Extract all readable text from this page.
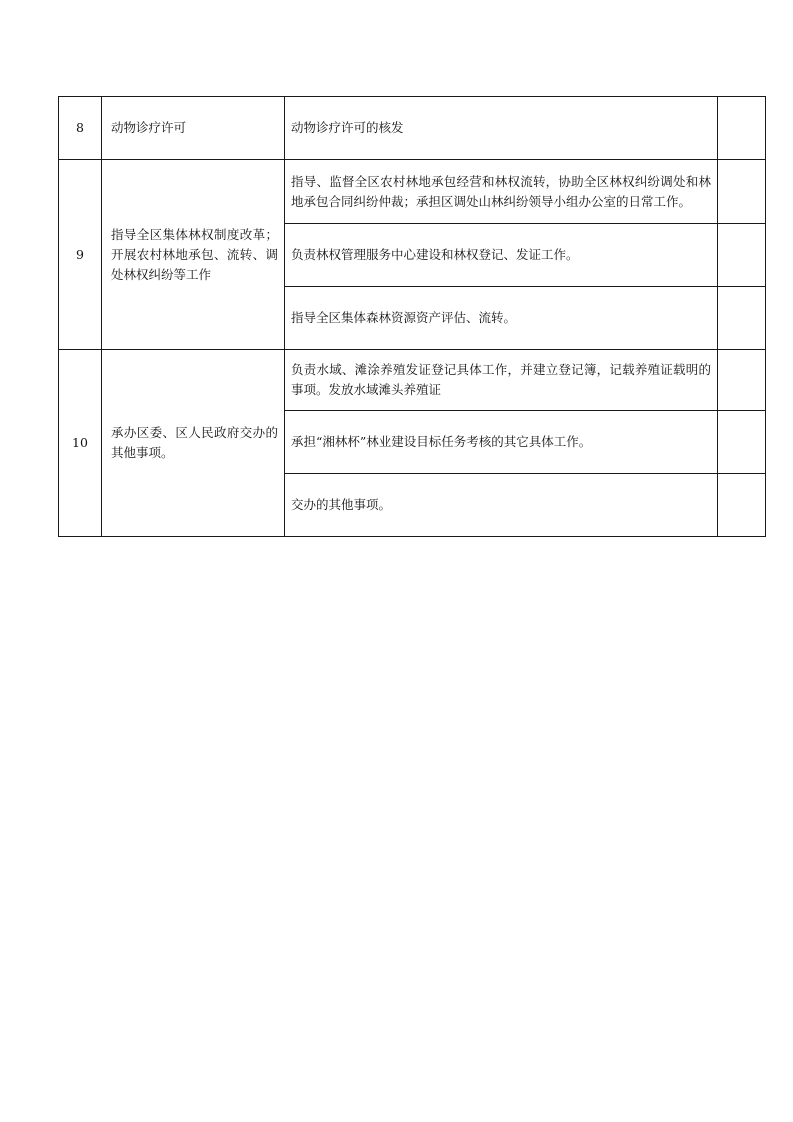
8	动物诊疗许可	动物诊疗许可的核发	

9	指导全区集体林权制度改革；开展农村林地承包、流转、调处林权纠纷等工作	指导、监督全区农村林地承包经营和林权流转，协助全区林权纠纷调处和林地承包合同纠纷仲裁；承担区调处山林纠纷领导小组办公室的日常工作。	

		负责林权管理服务中心建设和林权登记、发证工作。	

		指导全区集体森林资源资产评估、流转。	

10	承办区委、区人民政府交办的其他事项。	负责水域、滩涂养殖发证登记具体工作，并建立登记簿，记载养殖证载明的事项。发放水域滩头养殖证	

		承担“湘林杯”林业建设目标任务考核的其它具体工作。	

		交办的其他事项。	
